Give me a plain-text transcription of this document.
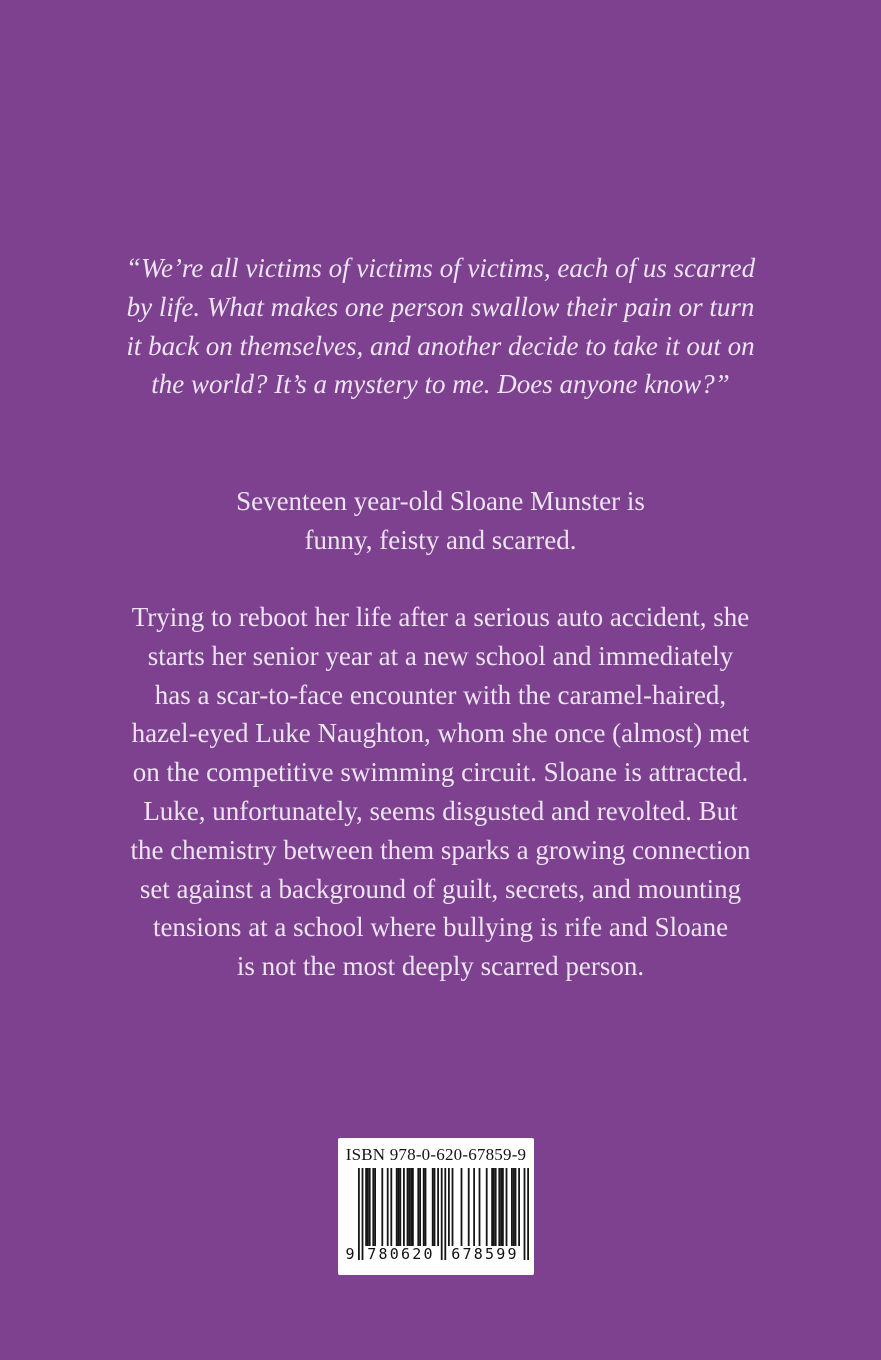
“We’re all victims of victims of victims, each of us scarred
by life. What makes one person swallow their pain or turn
it back on themselves, and another decide to take it out on
the world? It’s a mystery to me. Does anyone know?”
Seventeen year-old Sloane Munster is
funny, feisty and scarred.
Trying to reboot her life after a serious auto accident, she
starts her senior year at a new school and immediately
has a scar-to-face encounter with the caramel-haired,
hazel-eyed Luke Naughton, whom she once (almost) met
on the competitive swimming circuit. Sloane is attracted.
Luke, unfortunately, seems disgusted and revolted. But
the chemistry between them sparks a growing connection
set against a background of guilt, secrets, and mounting
tensions at a school where bullying is rife and Sloane
is not the most deeply scarred person.
ISBN 978-0-620-67859-9
9 780620 678599
